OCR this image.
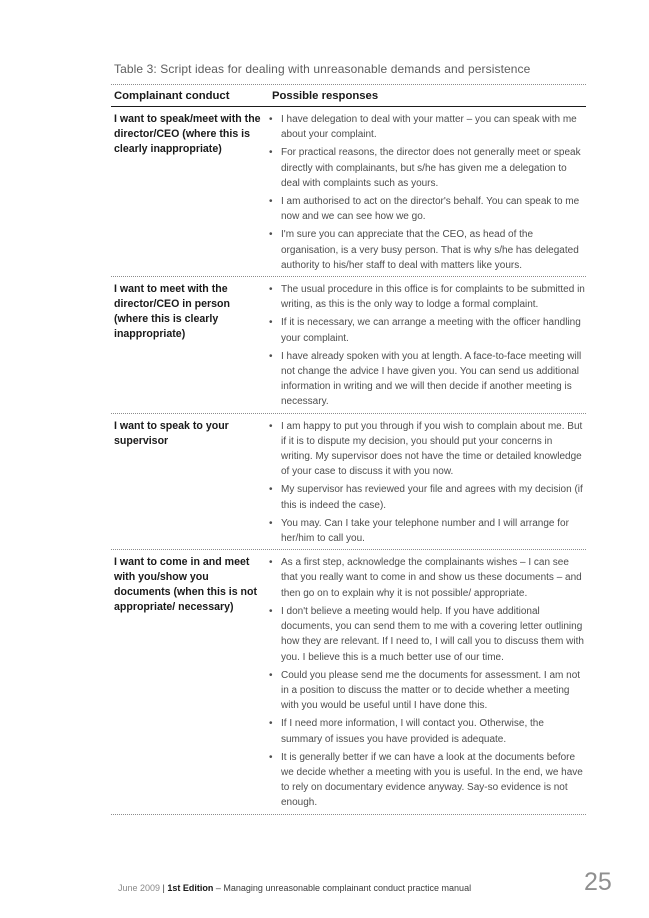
Table 3: Script ideas for dealing with unreasonable demands and persistence
Complainant conduct	Possible responses
I want to speak/meet with the director/CEO (where this is clearly inappropriate)
• I have delegation to deal with your matter – you can speak with me about your complaint.
• For practical reasons, the director does not generally meet or speak directly with complainants, but s/he has given me a delegation to deal with complaints such as yours.
• I am authorised to act on the director's behalf. You can speak to me now and we can see how we go.
• I'm sure you can appreciate that the CEO, as head of the organisation, is a very busy person. That is why s/he has delegated authority to his/her staff to deal with matters like yours.
I want to meet with the director/CEO in person (where this is clearly inappropriate)
• The usual procedure in this office is for complaints to be submitted in writing, as this is the only way to lodge a formal complaint.
• If it is necessary, we can arrange a meeting with the officer handling your complaint.
• I have already spoken with you at length. A face-to-face meeting will not change the advice I have given you. You can send us additional information in writing and we will then decide if another meeting is necessary.
I want to speak to your supervisor
• I am happy to put you through if you wish to complain about me. But if it is to dispute my decision, you should put your concerns in writing. My supervisor does not have the time or detailed knowledge of your case to discuss it with you now.
• My supervisor has reviewed your file and agrees with my decision (if this is indeed the case).
• You may. Can I take your telephone number and I will arrange for her/him to call you.
I want to come in and meet with you/show you documents (when this is not appropriate/ necessary)
• As a first step, acknowledge the complainants wishes – I can see that you really want to come in and show us these documents – and then go on to explain why it is not possible/ appropriate.
• I don't believe a meeting would help. If you have additional documents, you can send them to me with a covering letter outlining how they are relevant. If I need to, I will call you to discuss them with you. I believe this is a much better use of our time.
• Could you please send me the documents for assessment. I am not in a position to discuss the matter or to decide whether a meeting with you would be useful until I have done this.
• If I need more information, I will contact you. Otherwise, the summary of issues you have provided is adequate.
• It is generally better if we can have a look at the documents before we decide whether a meeting with you is useful. In the end, we have to rely on documentary evidence anyway. Say-so evidence is not enough.
June 2009 | 1st Edition – Managing unreasonable complainant conduct practice manual	25
